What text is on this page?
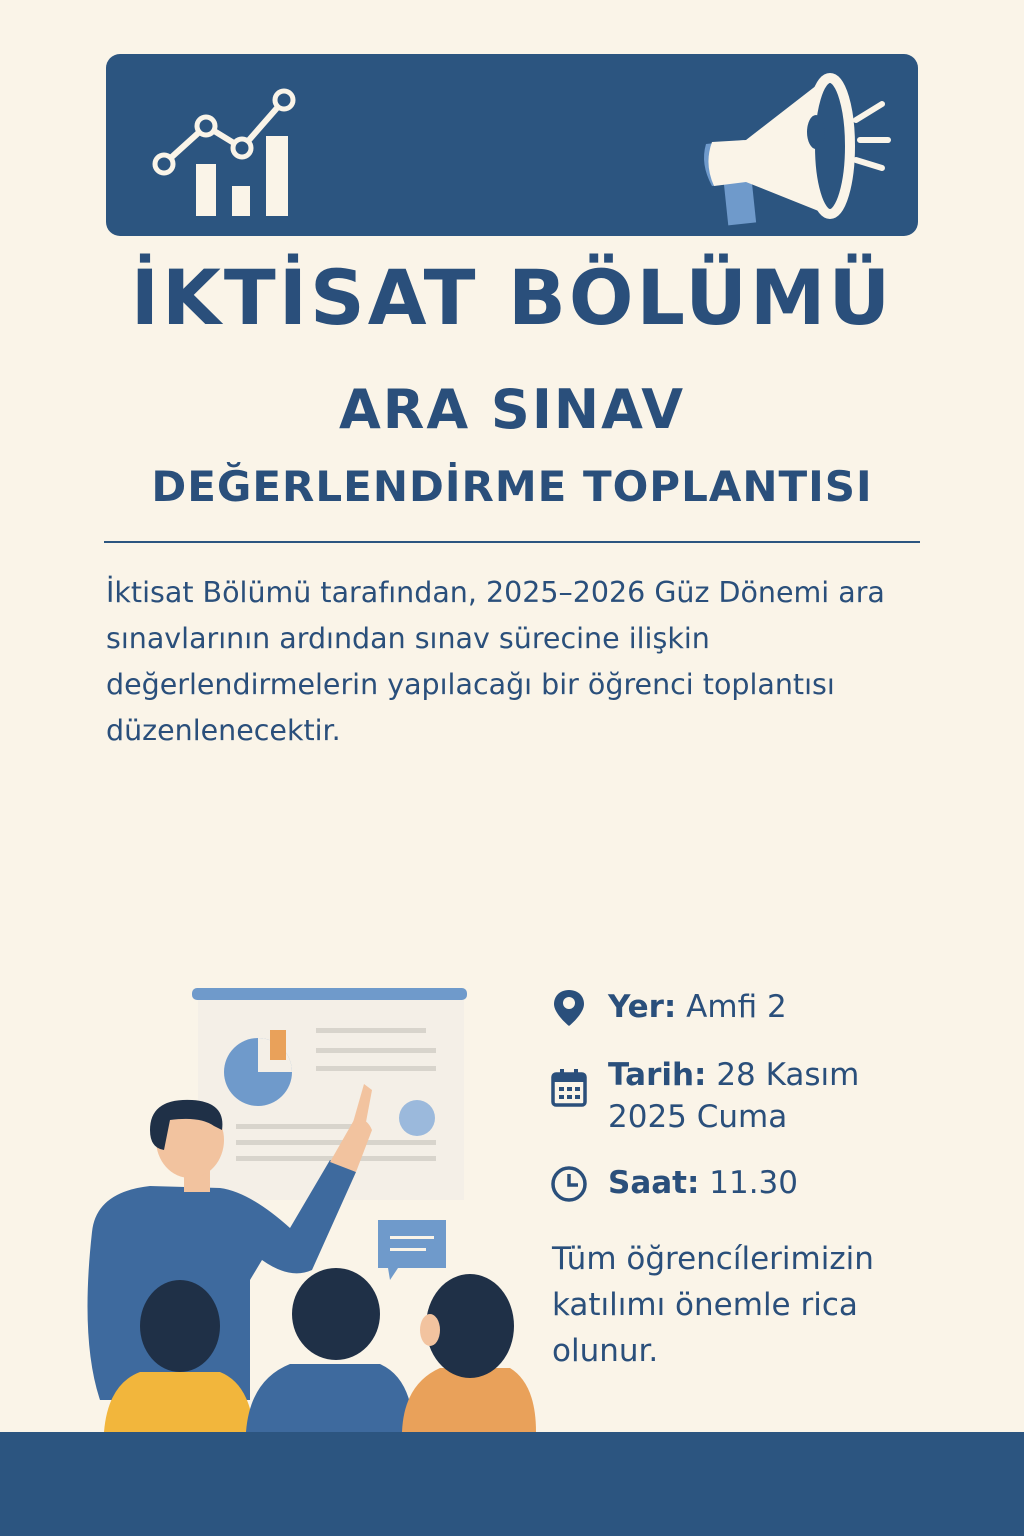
İKTİSAT BÖLÜMÜ
ARA SINAV
DEĞERLENDİRME TOPLANTISI
İktisat Bölümü tarafından, 2025–2026 Güz Dönemi ara sınavlarının ardından sınav sürecine ilişkin değerlendirmelerin yapılacağı bir öğrenci toplantısı düzenlenecektir.
Yer: Amfi 2
Tarih: 28 Kasım 2025 Cuma
Saat: 11.30
Tüm öğrencílerimizin katılımı önemle rica olunur.
